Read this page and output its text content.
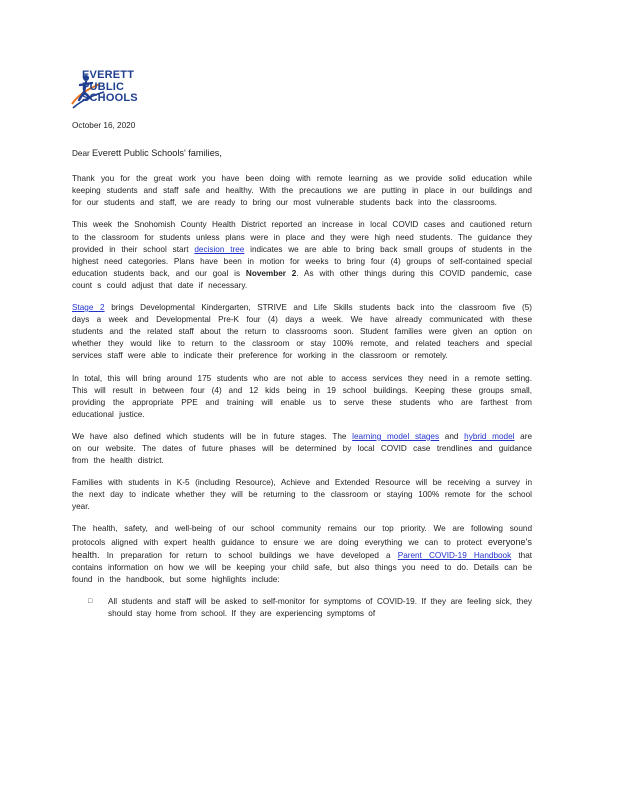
EVERETT
PUBLIC
SCHOOLS
October 16, 2020
Dear Everett Public Schools' families,

Thank you for the great work you have been doing with remote learning as we provide solid education while keeping students and staff safe and healthy. With the precautions we are putting in place in our buildings and for our students and staff, we are ready to bring our most vulnerable students back into the classrooms.

This week the Snohomish County Health District reported an increase in local COVID cases and cautioned return to the classroom for students unless plans were in place and they were high need students. The guidance they provided in their school start decision tree indicates we are able to bring back small groups of students in the highest need categories. Plans have been in motion for weeks to bring four (4) groups of self-contained special education students back, and our goal is November 2. As with other things during this COVID pandemic, case count s could adjust that date if necessary.

Stage 2 brings Developmental Kindergarten, STRIVE and Life Skills students back into the classroom five (5) days a week and Developmental Pre-K four (4) days a week. We have already communicated with these students and the related staff about the return to classrooms soon. Student families were given an option on whether they would like to return to the classroom or stay 100% remote, and related teachers and special services staff were able to indicate their preference for working in the classroom or remotely.

In total, this will bring around 175 students who are not able to access services they need in a remote setting. This will result in between four (4) and 12 kids being in 19 school buildings. Keeping these groups small, providing the appropriate PPE and training will enable us to serve these students who are farthest from educational justice.

We have also defined which students will be in future stages. The learning model stages and hybrid model are on our website. The dates of future phases will be determined by local COVID case trendlines and guidance from the health district.

Families with students in K-5 (including Resource), Achieve and Extended Resource will be receiving a survey in the next day to indicate whether they will be returning to the classroom or staying 100% remote for the school year.

The health, safety, and well-being of our school community remains our top priority. We are following sound protocols aligned with expert health guidance to ensure we are doing everything we can to protect everyone's health. In preparation for return to school buildings we have developed a Parent COVID-19 Handbook that contains information on how we will be keeping your child safe, but also things you need to do. Details can be found in the handbook, but some highlights include:

□ All students and staff will be asked to self-monitor for symptoms of COVID-19. If they are feeling sick, they should stay home from school. If they are experiencing symptoms of
